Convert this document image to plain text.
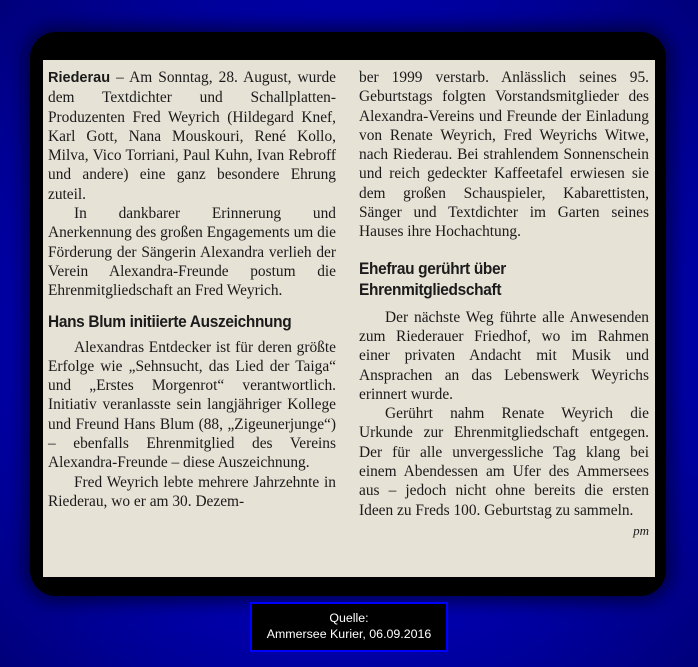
Riederau – Am Sonntag, 28. August, wurde dem Textdichter und Schallplatten-Produzenten Fred Weyrich (Hildegard Knef, Karl Gott, Nana Mouskouri, René Kollo, Milva, Vico Torriani, Paul Kuhn, Ivan Rebroff und andere) eine ganz besondere Ehrung zuteil.

In dankbarer Erinnerung und Anerkennung des großen Engagements um die Förderung der Sängerin Alexandra verlieh der Verein Alexandra-Freunde postum die Ehrenmitgliedschaft an Fred Weyrich.

Hans Blum initiierte Auszeichnung

Alexandras Entdecker ist für deren größte Erfolge wie „Sehnsucht, das Lied der Taiga“ und „Erstes Morgenrot“ verantwortlich. Initiativ veranlasste sein langjähriger Kollege und Freund Hans Blum (88, „Zigeunerjunge“) – ebenfalls Ehrenmitglied des Vereins Alexandra-Freunde – diese Auszeichnung.

Fred Weyrich lebte mehrere Jahrzehnte in Riederau, wo er am 30. Dezem-

ber 1999 verstarb. Anlässlich seines 95. Geburtstags folgten Vorstandsmitglieder des Alexandra-Vereins und Freunde der Einladung von Renate Weyrich, Fred Weyrichs Witwe, nach Riederau. Bei strahlendem Sonnenschein und reich gedeckter Kaffeetafel erwiesen sie dem großen Schauspieler, Kabarettisten, Sänger und Textdichter im Garten seines Hauses ihre Hochachtung.

Ehefrau gerührt über Ehrenmitgliedschaft

Der nächste Weg führte alle Anwesenden zum Riederauer Friedhof, wo im Rahmen einer privaten Andacht mit Musik und Ansprachen an das Lebenswerk Weyrichs erinnert wurde.

Gerührt nahm Renate Weyrich die Urkunde zur Ehrenmitgliedschaft entgegen. Der für alle unvergessliche Tag klang bei einem Abendessen am Ufer des Ammersees aus – jedoch nicht ohne bereits die ersten Ideen zu Freds 100. Geburtstag zu sammeln.
pm

Quelle:
Ammersee Kurier, 06.09.2016
